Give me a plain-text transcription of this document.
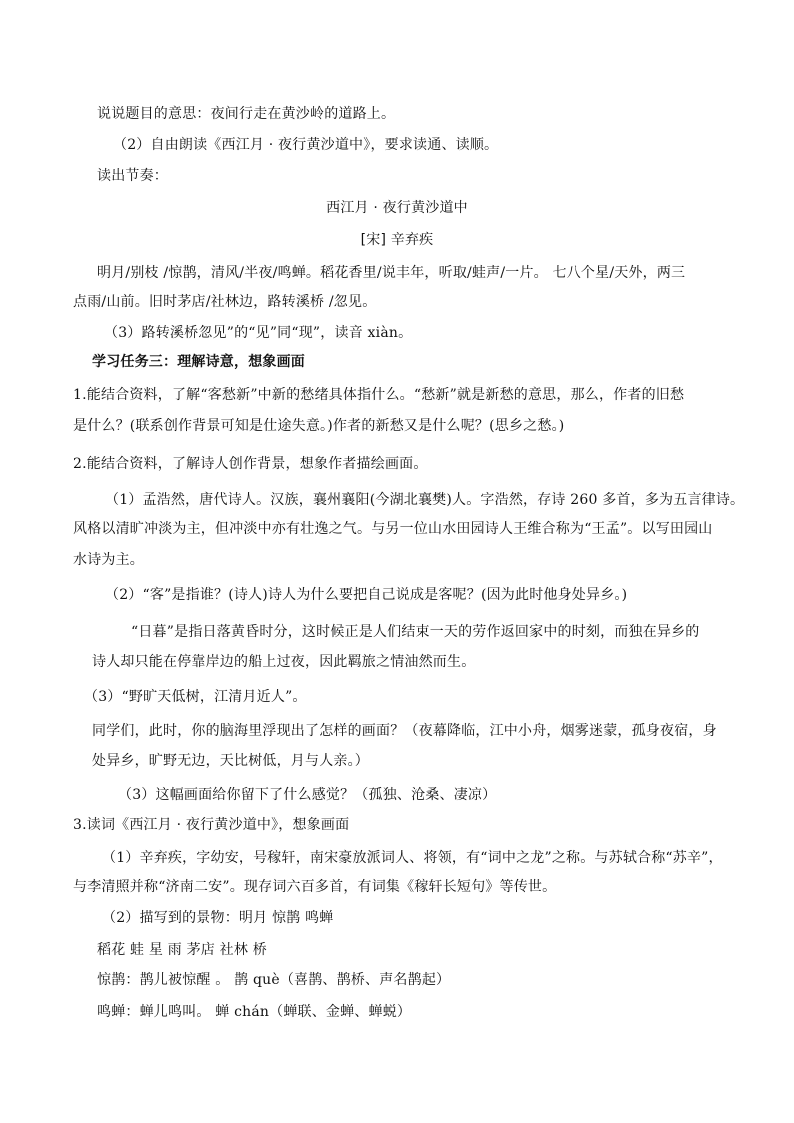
说说题目的意思：夜间行走在黄沙岭的道路上。
（2）自由朗读《西江月 · 夜行黄沙道中》，要求读通、读顺。
读出节奏：
西江月 · 夜行黄沙道中
[宋] 辛弃疾
明月/别枝 /惊鹊，清风/半夜/鸣蝉。稻花香里/说丰年，听取/蛙声/一片。 七八个星/天外，两三
点雨/山前。旧时茅店/社林边，路转溪桥 /忽见。
（3）路转溪桥忽见”的“见”同“现”，读音 xiàn。
学习任务三：理解诗意，想象画面
1.能结合资料，了解“客愁新”中新的愁绪具体指什么。“愁新”就是新愁的意思，那么，作者的旧愁
是什么？(联系创作背景可知是仕途失意。)作者的新愁又是什么呢？(思乡之愁。)
2.能结合资料，了解诗人创作背景，想象作者描绘画面。
（1）孟浩然，唐代诗人。汉族，襄州襄阳(今湖北襄樊)人。字浩然，存诗 260 多首，多为五言律诗。
风格以清旷冲淡为主，但冲淡中亦有壮逸之气。与另一位山水田园诗人王维合称为“王孟”。以写田园山
水诗为主。
（2）“客”是指谁？(诗人)诗人为什么要把自己说成是客呢？(因为此时他身处异乡。)
“日暮”是指日落黄昏时分，这时候正是人们结束一天的劳作返回家中的时刻，而独在异乡的
诗人却只能在停靠岸边的船上过夜，因此羁旅之情油然而生。
（3）“野旷天低树，江清月近人”。
同学们，此时，你的脑海里浮现出了怎样的画面？（夜幕降临，江中小舟，烟雾迷蒙，孤身夜宿，身
处异乡，旷野无边，天比树低，月与人亲。）
（3）这幅画面给你留下了什么感觉？（孤独、沧桑、凄凉）
3.读词《西江月 · 夜行黄沙道中》，想象画面
（1）辛弃疾，字幼安，号稼轩，南宋豪放派词人、将领，有“词中之龙”之称。与苏轼合称“苏辛”，
与李清照并称“济南二安”。现存词六百多首，有词集《稼轩长短句》等传世。
（2）描写到的景物：明月 惊鹊 鸣蝉
稻花 蛙 星 雨 茅店 社林 桥
惊鹊：鹊儿被惊醒 。 鹊 què（喜鹊、鹊桥、声名鹊起）
鸣蝉：蝉儿鸣叫。 蝉 chán（蝉联、金蝉、蝉蜕）
